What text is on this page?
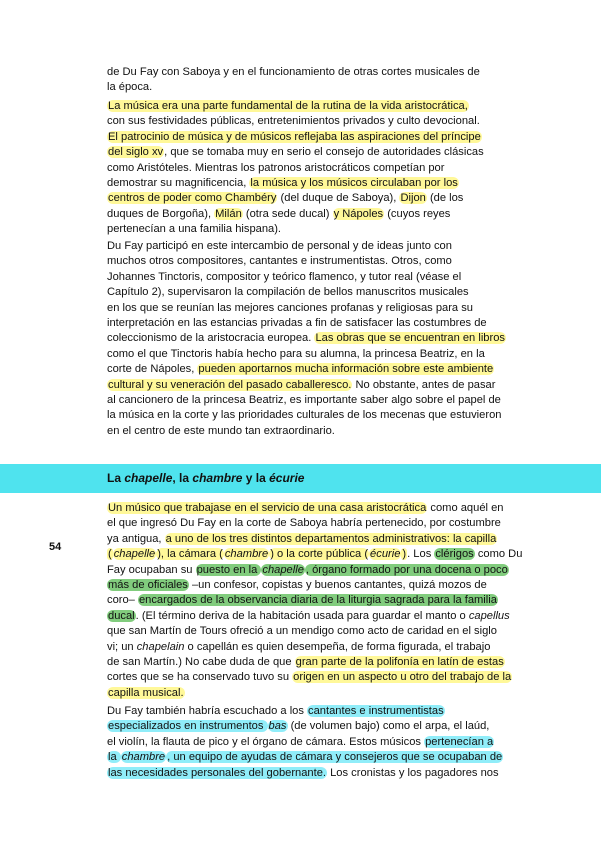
de Du Fay con Saboya y en el funcionamiento de otras cortes musicales de
la época.
La música era una parte fundamental de la rutina de la vida aristocrática,
con sus festividades públicas, entretenimientos privados y culto devocional.
El patrocinio de música y de músicos reflejaba las aspiraciones del príncipe
del siglo xv, que se tomaba muy en serio el consejo de autoridades clásicas
como Aristóteles. Mientras los patronos aristocráticos competían por
demostrar su magnificencia, la música y los músicos circulaban por los
centros de poder como Chambéry (del duque de Saboya), Dijon (de los
duques de Borgoña), Milán (otra sede ducal) y Nápoles (cuyos reyes
pertenecían a una familia hispana).
Du Fay participó en este intercambio de personal y de ideas junto con
muchos otros compositores, cantantes e instrumentistas. Otros, como
Johannes Tinctoris, compositor y teórico flamenco, y tutor real (véase el
Capítulo 2), supervisaron la compilación de bellos manuscritos musicales
en los que se reunían las mejores canciones profanas y religiosas para su
interpretación en las estancias privadas a fin de satisfacer las costumbres de
coleccionismo de la aristocracia europea. Las obras que se encuentran en libros
como el que Tinctoris había hecho para su alumna, la princesa Beatriz, en la
corte de Nápoles, pueden aportarnos mucha información sobre este ambiente
cultural y su veneración del pasado caballeresco. No obstante, antes de pasar
al cancionero de la princesa Beatriz, es importante saber algo sobre el papel de
la música en la corte y las prioridades culturales de los mecenas que estuvieron
en el centro de este mundo tan extraordinario.
La chapelle, la chambre y la écurie
54
Un músico que trabajase en el servicio de una casa aristocrática como aquél en
el que ingresó Du Fay en la corte de Saboya habría pertenecido, por costumbre
ya antigua, a uno de los tres distintos departamentos administrativos: la capilla
( chapelle ), la cámara ( chambre ) o la corte pública ( écurie ). Los clérigos como Du
Fay ocupaban su puesto en la chapelle , órgano formado por una docena o poco
más de oficiales –un confesor, copistas y buenos cantantes, quizá mozos de
coro– encargados de la observancia diaria de la liturgia sagrada para la familia
ducal. (El término deriva de la habitación usada para guardar el manto o capellus
que san Martín de Tours ofreció a un mendigo como acto de caridad en el siglo
vi; un chapelain o capellán es quien desempeña, de forma figurada, el trabajo
de san Martín.) No cabe duda de que gran parte de la polifonía en latín de estas
cortes que se ha conservado tuvo su origen en un aspecto u otro del trabajo de la
capilla musical.
Du Fay también habría escuchado a los cantantes e instrumentistas
especializados en instrumentos bas (de volumen bajo) como el arpa, el laúd,
el violín, la flauta de pico y el órgano de cámara. Estos músicos pertenecían a
la chambre , un equipo de ayudas de cámara y consejeros que se ocupaban de
las necesidades personales del gobernante. Los cronistas y los pagadores nos
